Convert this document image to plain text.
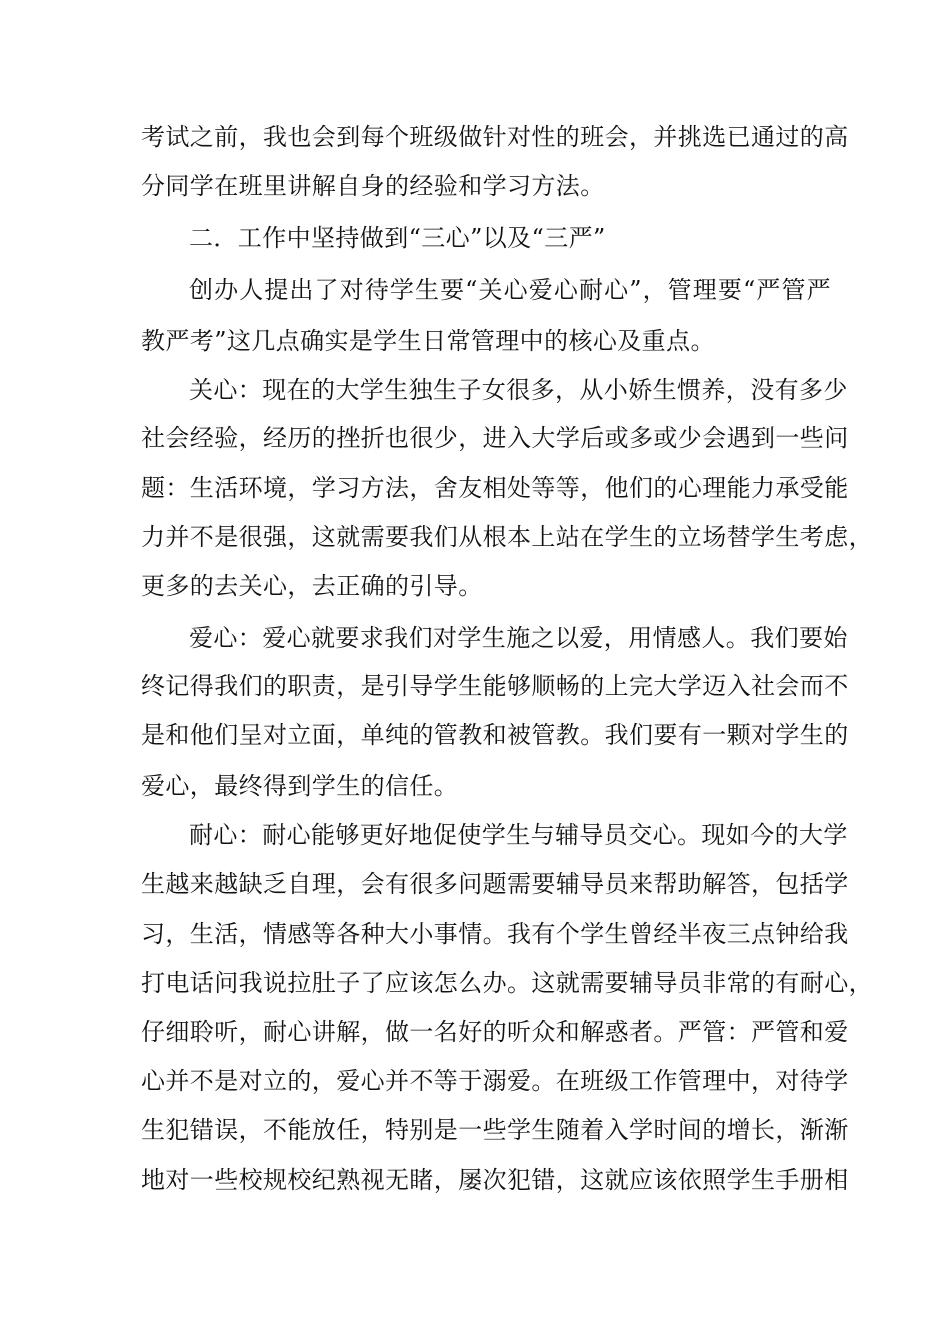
考试之前，我也会到每个班级做针对性的班会，并挑选已通过的高
分同学在班里讲解自身的经验和学习方法。
二．工作中坚持做到“三心”以及“三严”
创办人提出了对待学生要“关心爱心耐心”，管理要“严管严
教严考”这几点确实是学生日常管理中的核心及重点。
关心：现在的大学生独生子女很多，从小娇生惯养，没有多少
社会经验，经历的挫折也很少，进入大学后或多或少会遇到一些问
题：生活环境，学习方法，舍友相处等等，他们的心理能力承受能
力并不是很强，这就需要我们从根本上站在学生的立场替学生考虑，
更多的去关心，去正确的引导。
爱心：爱心就要求我们对学生施之以爱，用情感人。我们要始
终记得我们的职责，是引导学生能够顺畅的上完大学迈入社会而不
是和他们呈对立面，单纯的管教和被管教。我们要有一颗对学生的
爱心，最终得到学生的信任。
耐心：耐心能够更好地促使学生与辅导员交心。现如今的大学
生越来越缺乏自理，会有很多问题需要辅导员来帮助解答，包括学
习，生活，情感等各种大小事情。我有个学生曾经半夜三点钟给我
打电话问我说拉肚子了应该怎么办。这就需要辅导员非常的有耐心，
仔细聆听，耐心讲解，做一名好的听众和解惑者。严管：严管和爱
心并不是对立的，爱心并不等于溺爱。在班级工作管理中，对待学
生犯错误，不能放任，特别是一些学生随着入学时间的增长，渐渐
地对一些校规校纪熟视无睹，屡次犯错，这就应该依照学生手册相
